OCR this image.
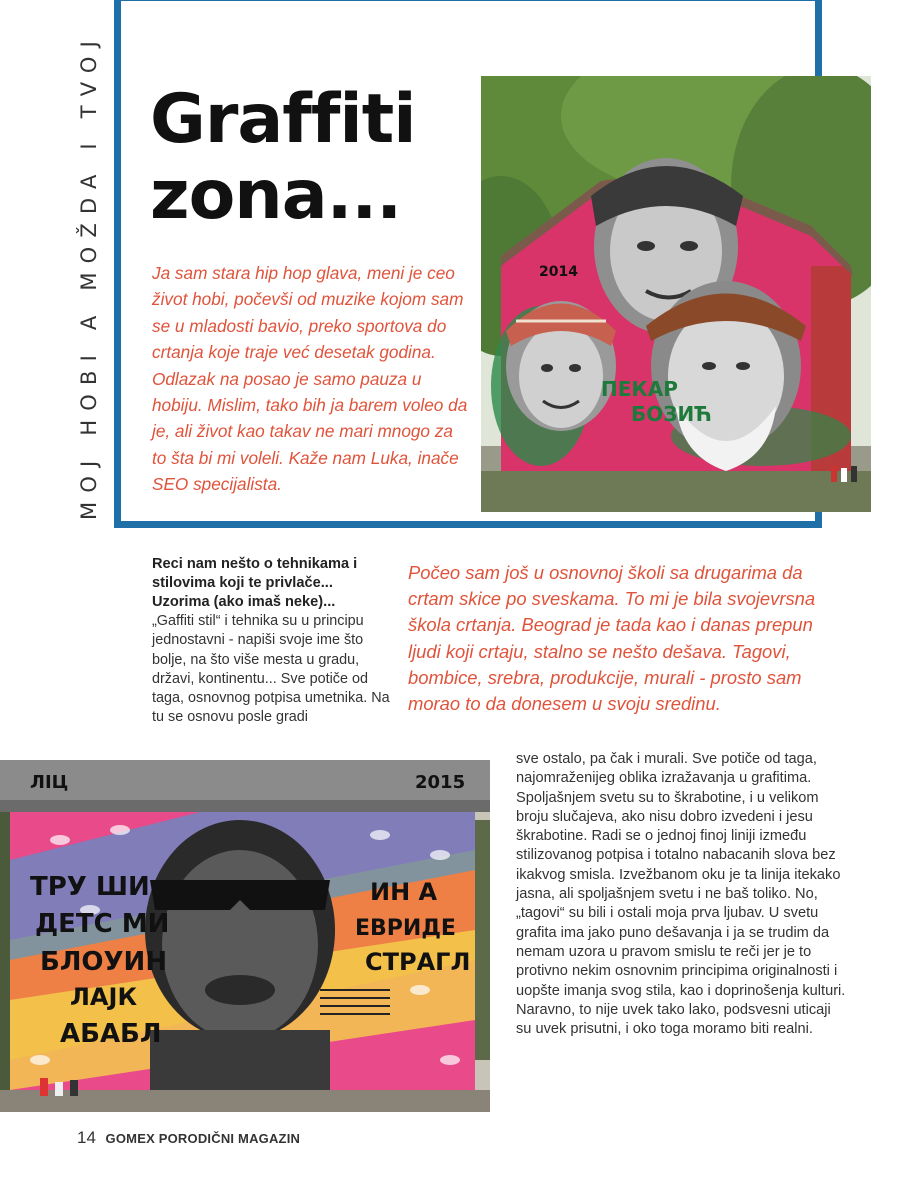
MOJ HOBI A MOŽDA I TVOJ Graffiti
zona...
Ja sam stara hip hop glava, meni je ceo život hobi, počevši od muzike kojom sam se u mladosti bavio, preko sportova do crtanja koje traje već desetak godina. Odlazak na posao je samo pauza u hobiju. Mislim, tako bih ja barem voleo da je, ali život kao takav ne mari mnogo za to šta bi mi voleli. Kaže nam Luka, inače SEO specijalista.
2014
ПЕКАР
БОЗИЋ
Reci nam nešto o tehnikama i stilovima koji te privlače... Uzorima (ako imaš neke)...
„Gaffiti stil“ i tehnika su u principu jednostavni - napiši svoje ime što bolje, na što više mesta u gradu, državi, kontinentu... Sve potiče od taga, osnovnog potpisa umetnika. Na tu se osnovu posle gradi
Počeo sam još u osnovnoj školi sa drugarima da crtam skice po sveskama. To mi je bila svojevrsna škola crtanja. Beograd je tada kao i danas prepun ljudi koji crtaju, stalno se nešto dešava. Tagovi, bombice, srebra, produkcije, murali - prosto sam morao to da donesem u svoju sredinu.
ЛІЦ	2015
ТРУ ШИ
ДЕТС МИ
БЛОУИН
ЛАЈК
АБАБЛ
ИН А
ЕВРИДЕ
СТРАГЛ
sve ostalo, pa čak i murali. Sve potiče od taga, najomraženijeg oblika izražavanja u grafitima. Spoljašnjem svetu su to škrabotine, i u velikom broju slučajeva, ako nisu dobro izvedeni i jesu škrabotine. Radi se o jednoj finoj liniji između stilizovanog potpisa i totalno nabacanih slova bez ikakvog smisla. Izvežbanom oku je ta linija itekako jasna, ali spoljašnjem svetu i ne baš toliko. No, „tagovi“ su bili i ostali moja prva ljubav. U svetu grafita ima jako puno dešavanja i ja se trudim da nemam uzora u pravom smislu te reči jer je to protivno nekim osnovnim principima originalnosti i uopšte imanja svog stila, kao i doprinošenja kulturi. Naravno, to nije uvek tako lako, podsvesni uticaji su uvek prisutni, i oko toga moramo biti realni.
14 GOMEX PORODIČNI MAGAZIN
